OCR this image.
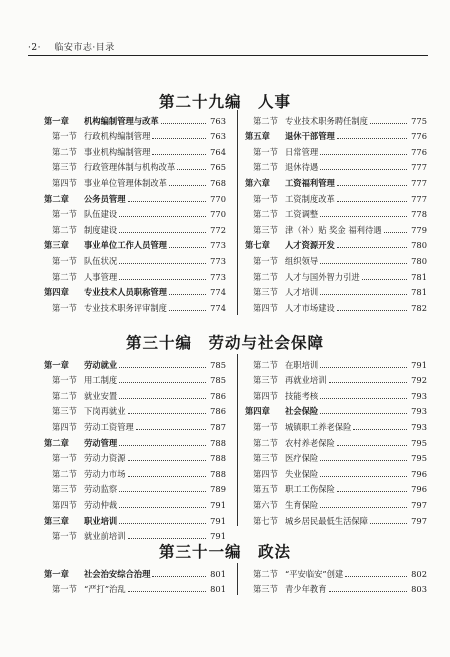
·2· 临安市志·目录
第二十九编　人事
第一章	机构编制管理与改革	763
第一节 行政机构编制管理	763
第二节 事业机构编制管理	764
第三节 行政管理体制与机构改革	765
第四节 事业单位管理体制改革	768
第二章	公务员管理	770
第一节 队伍建设	770
第二节 制度建设	772
第三章	事业单位工作人员管理	773
第一节 队伍状况	773
第二节 人事管理	773
第四章	专业技术人员职称管理	774
第一节 专业技术职务评审制度	774
第二节 专业技术职务聘任制度	775
第五章	退休干部管理	776
第一节 日常管理	776
第二节 退休待遇	777
第六章	工资福利管理	777
第一节 工资制度改革	777
第二节 工资调整	778
第三节 津（补）贴 奖金 福利待遇	779
第七章	人才资源开发	780
第一节 组织领导	780
第二节 人才与国外智力引进	781
第三节 人才培训	781
第四节 人才市场建设	782
第三十编　劳动与社会保障
第一章	劳动就业	785
第一节 用工制度	785
第二节 就业安置	786
第三节 下岗再就业	786
第四节 劳动工资管理	787
第二章	劳动管理	788
第一节 劳动力资源	788
第二节 劳动力市场	788
第三节 劳动监察	789
第四节 劳动仲裁	791
第三章	职业培训	791
第一节 就业前培训	791
第二节 在职培训	791
第三节 再就业培训	792
第四节 技能考核	793
第四章	社会保险	793
第一节 城镇职工养老保险	793
第二节 农村养老保险	795
第三节 医疗保险	795
第四节 失业保险	796
第五节 职工工伤保险	796
第六节 生育保险	797
第七节 城乡居民最低生活保障	797
第三十一编　政法
第一章	社会治安综合治理	801
第一节 “严打”治乱	801
第二节 “平安临安”创建	802
第三节 青少年教育	803
